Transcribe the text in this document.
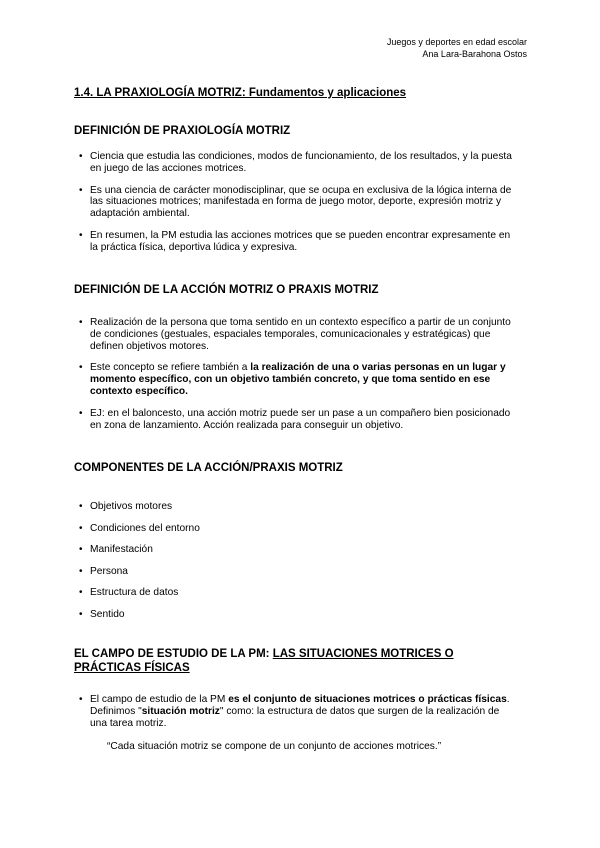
Juegos y deportes en edad escolar
Ana Lara-Barahona Ostos
1.4. LA PRAXIOLOGÍA MOTRIZ: Fundamentos y aplicaciones
DEFINICIÓN DE PRAXIOLOGÍA MOTRIZ
• Ciencia que estudia las condiciones, modos de funcionamiento, de los resultados, y la puesta en juego de las acciones motrices.
• Es una ciencia de carácter monodisciplinar, que se ocupa en exclusiva de la lógica interna de las situaciones motrices; manifestada en forma de juego motor, deporte, expresión motriz y adaptación ambiental.
• En resumen, la PM estudia las acciones motrices que se pueden encontrar expresamente en la práctica física, deportiva lúdica y expresiva.
DEFINICIÓN DE LA ACCIÓN MOTRIZ O PRAXIS MOTRIZ
• Realización de la persona que toma sentido en un contexto específico a partir de un conjunto de condiciones (gestuales, espaciales temporales, comunicacionales y estratégicas) que definen objetivos motores.
• Este concepto se refiere también a la realización de una o varias personas en un lugar y momento específico, con un objetivo también concreto, y que toma sentido en ese contexto específico.
• EJ: en el baloncesto, una acción motriz puede ser un pase a un compañero bien posicionado en zona de lanzamiento. Acción realizada para conseguir un objetivo.
COMPONENTES DE LA ACCIÓN/PRAXIS MOTRIZ
• Objetivos motores
• Condiciones del entorno
• Manifestación
• Persona
• Estructura de datos
• Sentido
EL CAMPO DE ESTUDIO DE LA PM: LAS SITUACIONES MOTRICES O PRÁCTICAS FÍSICAS
• El campo de estudio de la PM es el conjunto de situaciones motrices o prácticas físicas. Definimos "situación motriz" como: la estructura de datos que surgen de la realización de una tarea motriz.
“Cada situación motriz se compone de un conjunto de acciones motrices.”
